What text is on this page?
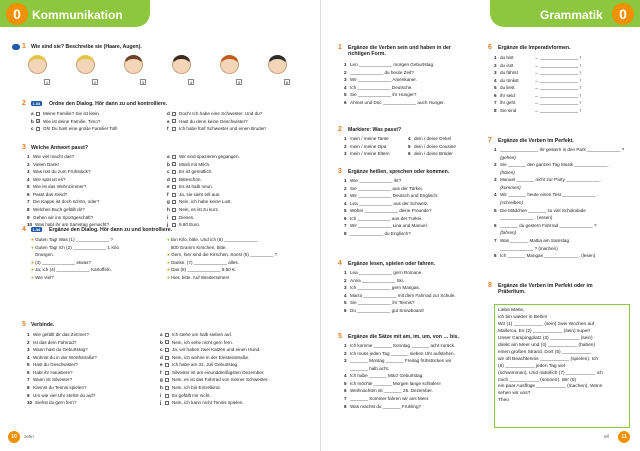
0 Kommunikation	0
Grammatik
1 Wie sind sie? Beschreibe sie (Haare, Augen).
1	2	3	4	5	6
2	1.03 Ordne den Dialog. Hör dann zu und kontrolliere.
a	Meine Familie? Sie ist klein.
b 1 Wie ist deine Familie, Timo?
c	Oh! Du hast eine große Familie! Toll!
d	Doch! Ich habe eine Schwester. Und du?
e	Hast du denn keine Geschwister?
f	Ich habe fünf Schwester und einen Bruder!
3 Welche Antwort passt?
1 Wie viel macht das?
2 Vielen Dank!
3 Was isst du zum Frühstück?
4 Wie spät ist es?
5 Wie ist das Wohnzimmer?
6 Passt das Kleid?
7 Die Kappe ist doch schön, oder?
8 Welches Buch gefällt dir?
9 Gehen wir ins Sportgeschäft?
10 Was habt ihr am Samstag gemacht?
a	Wir sind spazieren gegangen.
b	Müsli mit Milch.
c	Es ist gemütlich.
d	Bitteschön.
e	Es ist halb neun.
f	Ja, sie sieht toll aus.
g	Nein, ich habe keine Lust.
h	Nein, es ist zu kurz.
i	Dieses.
j	9,80 Euro.
4	1.04 Ergänze den Dialog. Hör dann zu und kontrolliere.
● Guten Tag! Was (1) _____________ ?
● Guten Tag! Ich (2) _____________ 1 Kilo

Orangen.
● (3) _____________ etwas?
● Ja, ich (4) _____________ Kartoffeln.
● Wie viel?
● Ein Kilo, bitte. Und ich (5) _____________

500 Gramm Kirschen, bitte.
● Gern, hier sind die Kirschen. Sonst (6) _________ ?
● Danke, (7) _____________ alles.
● Das (8) _____________ 8,50 €.
● Hier, bitte. Auf Wiedersehen!
5 Verbinde.
1 Wie gefällt dir das Zimmer?
2 Ist das dein Fahrrad?
3 Wann hast du Geburtstag?
4 Wohnst du in der Wörthstraße?
5 Hast du Geschwister?
6 Habt ihr Haustiere?
7 Wann ist Silvester?
8 Kannst du Tennis spielen?
9 Um wie viel Uhr stehst du auf?
10 Siehst du gern fern?
a	Ich stehe um halb sieben auf.
b	Nein, ich sehe nicht gern fern.
c	Ja, wir haben zwei Katzen und einen Hund.
d	Nein, ich wohne in der Einsteinstraße.
e	Ich habe am 31. Juli Geburtstag.
f	Silvester ist am einunddreißigsten Dezember.
g	Nein, es ist das Fahrrad von meiner Schwester.
h	Nein, ich bin Einzelkind.
i	Es gefällt mir nicht.
j	Nein, ich kann nicht Tennis spielen.
10	zehn
1 Ergänze die Verben sein und haben in der richtigen Form.
1 Leo _____________ morgen Geburtstag.
2 _____________ du heute Zeit?
3 Wir _____________ Amerikaner.
4 Ich _____________ Deutsche.
5 Sie _____________ ihr Hunger?
6 Ahmet und Doc _____________ auch Hunger.
2 Markiere: Was passt?
1 mein / meine Tante
2 mein / meine Opa
3 mein / meine Eltern
4 dein / deine Onkel
5 dein / deine Cousine
6 dein / deine Brüder
3 Ergänze heißen, sprechen oder kommen.
1 Wie _____________ ihr?
2 Sie _____________ aus der Türkei.
3 Wir _____________ Deutsch und Englisch.
4 Lea _____________ aus der Schweiz.
5 Woher _____________ deine Freunde?
6 Ich _____________ aus der Türkei.
7 Wir _____________ Lina und Manuel.
8 _____________ du Englisch?
4 Ergänze lesen, spielen oder fahren.
1 Lea _____________ gern Romane.
2 Anna _____________ Ski.
3 Ich _____________ gern Mangas.
4 Marra _____________ mit dem Fahrrad zur Schule.
5 Sie _____________ ihr Tennis?
6 Du _____________ gut Snowboard!
5 Ergänze die Sätze mit am, im, um, von … bis.
1 Ich komme _______ Sonntag _______ acht zurück.
2 Ich muss jeden Tag _______ sieben Uhr aufstehen.
3 _______ Montag _______ Freitag frühstücken wir
_______ halb acht.
4 Ich habe _______ März Geburtstag.
5 Ich möchte _______ Morgen lange schlafen!
6 Weihnachten ist _______ 25. Dezember.
7 _______ Sommer fahren wir ans Meer.
8 Was machst du _______ Frühling?
6 Ergänze die Imperativformen.
1 du bist	→ _______________ !
2 du isst	→ _______________ !
3 du fährst	→ _______________ !
4 du trinkst	→ _______________ !
5 du liest	→ _______________ !
6 ihr seid	→ _______________ !
7 ihr geht	→ _______________ !
8 Sie sind	→ _______________ !
7 Ergänze die Verben im Perfekt.
1 _______________ ihr gestern in den Park _____________ ?
(gehen)
2 Sie _______ den ganzen Tag Musik _____________ .
(hören)
3 Manuel _______ nicht zur Party _____________ .
(kommen)
4 Wir _______ heute einen Test _____________ .
(schreiben)
5 Die Mädchen _______ zu viel Schokolade
_____________ . (essen)
6 _______ du gestern Fahrrad _____________ ?
(fahren)
7 Was _______ Mattia am Samstag
_____________ ? (machen)
8 Ich _______ Mangas _____________ . (lesen)
8 Ergänze die Verben im Perfekt oder im Präteritum.
Liebe Marie,
ich bin wieder in Berlin!
Wir (1) ___________ (sein) zwei Wochen auf
Mallorca. Es (2) ___________ (sein) super!
Unser Campingplatz (3) ___________ (sein)
direkt am Meer und (4) ___________ (haben)
einen großen Strand. Dort (5) ___________
wir oft Beachtennis ___________ (spielen). Ich
(6) ___________ jeden Tag viel
(schwimmen). Und natürlich (7) ___________ ich
mich ___________ (sonnen). Wir (8)
ein paar Ausflüge ___________ (machen). Wann
sehen wir uns?
Theo
elf	11
